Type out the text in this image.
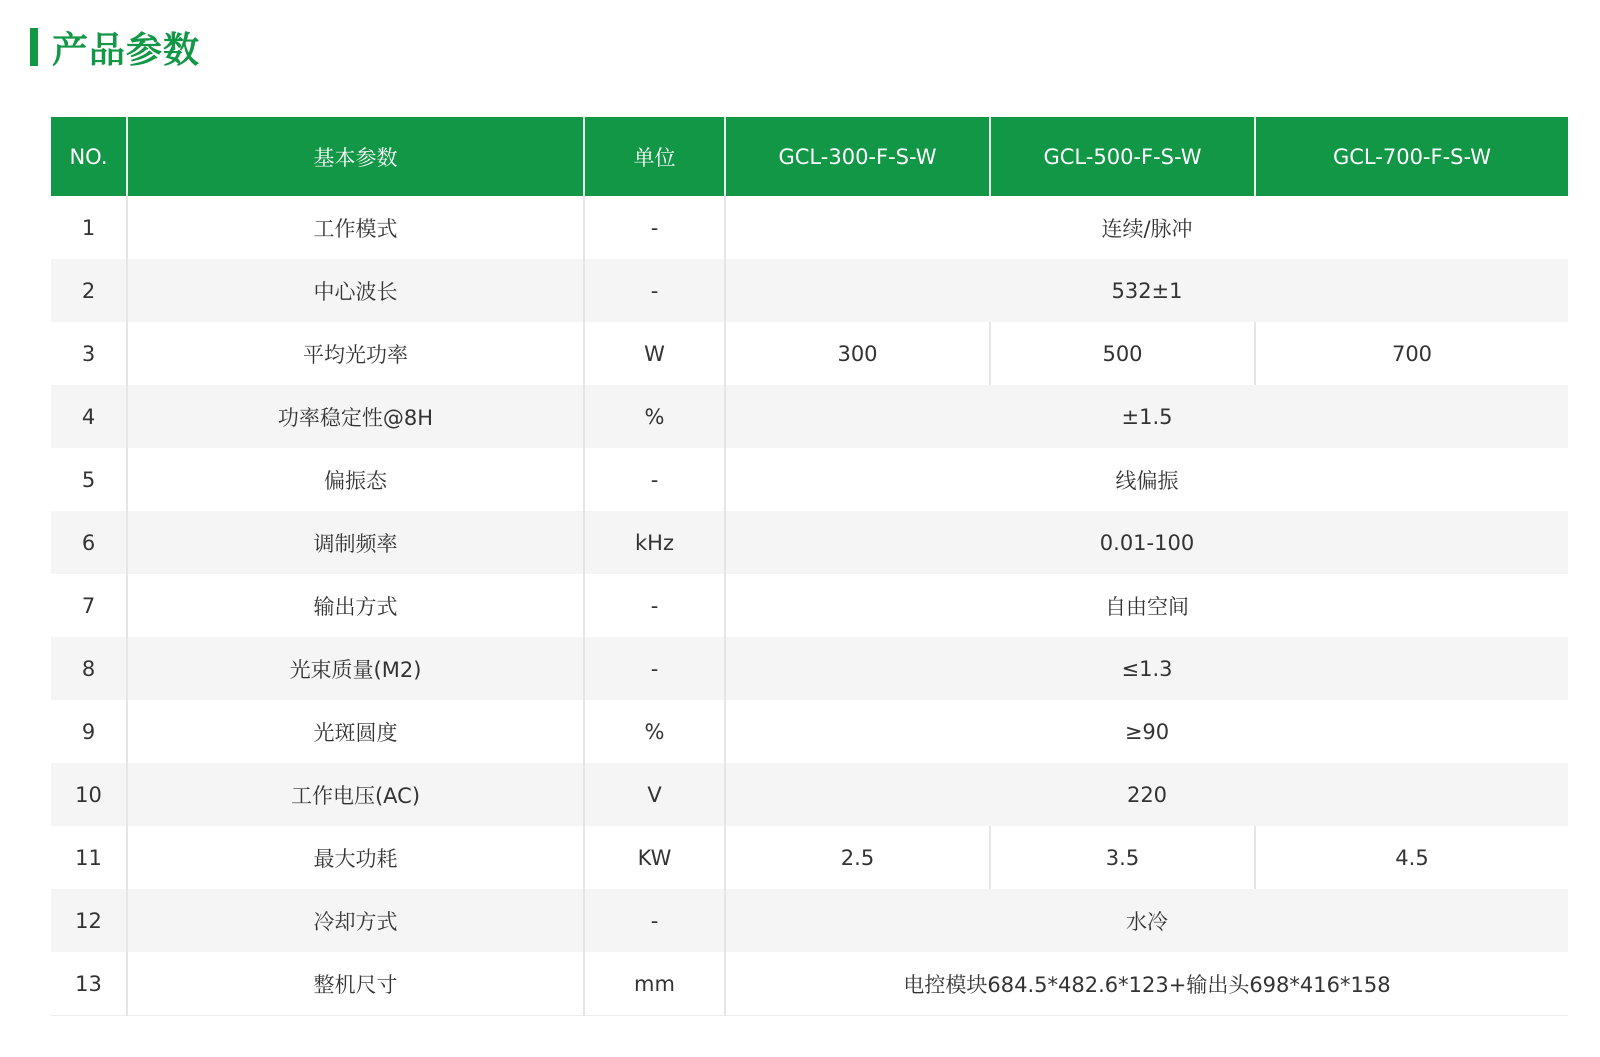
产品参数
NO.	基本参数	单位	GCL-300-F-S-W	GCL-500-F-S-W	GCL-700-F-S-W
1	工作模式	-	连续/脉冲		
2	中心波长	-	532±1		
3	平均光功率	W	300	500	700
4	功率稳定性@8H	%	±1.5		
5	偏振态	-	线偏振		
6	调制频率	kHz	0.01-100		
7	输出方式	-	自由空间		
8	光束质量(M2)	-	≤1.3		
9	光斑圆度	%	≥90		
10	工作电压(AC)	V	220		
11	最大功耗	KW	2.5	3.5	4.5
12	冷却方式	-	水冷		
13	整机尺寸	mm	电控模块684.5*482.6*123+输出头698*416*158		
